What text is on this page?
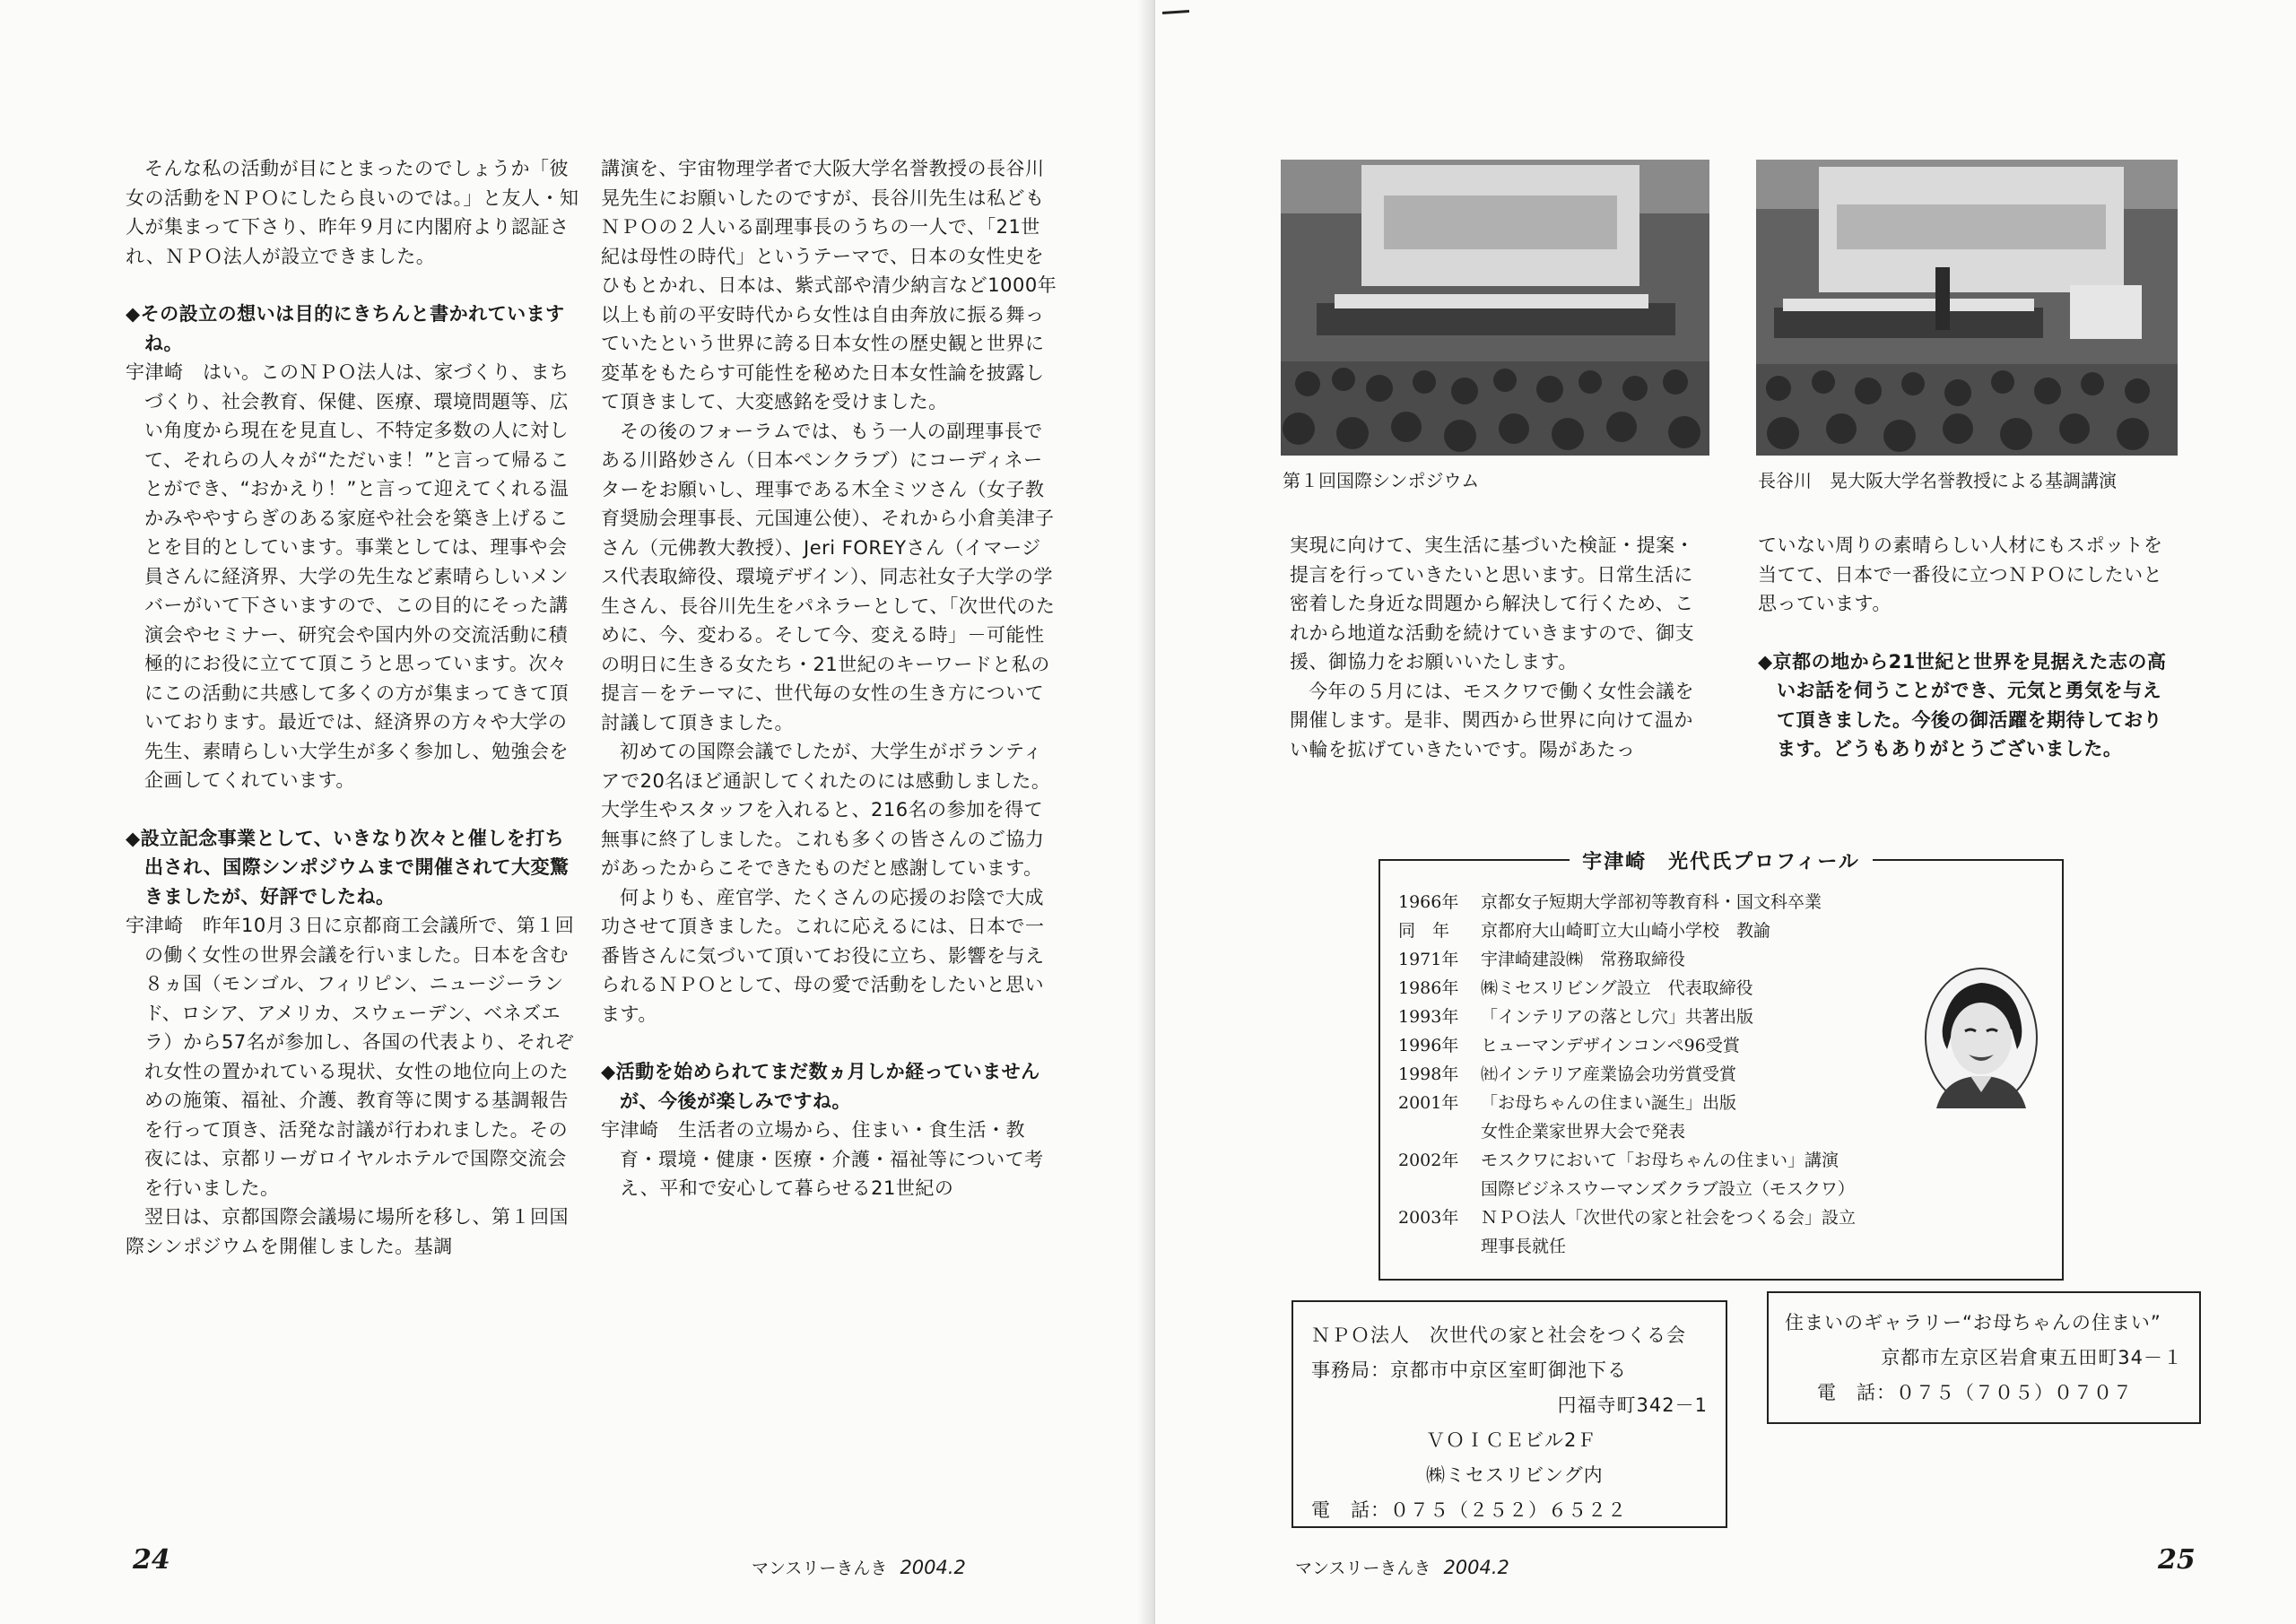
そんな私の活動が目にとまったのでしょうか「彼女の活動をＮＰＯにしたら良いのでは。」と友人・知人が集まって下さり、昨年９月に内閣府より認証され、ＮＰＯ法人が設立できました。

◆その設立の想いは目的にきちんと書かれていますね。

宇津崎　はい。このＮＰＯ法人は、家づくり、まちづくり、社会教育、保健、医療、環境問題等、広い角度から現在を見直し、不特定多数の人に対して、それらの人々が“ただいま！”と言って帰ることができ、“おかえり！”と言って迎えてくれる温かみややすらぎのある家庭や社会を築き上げることを目的としています。事業としては、理事や会員さんに経済界、大学の先生など素晴らしいメンバーがいて下さいますので、この目的にそった講演会やセミナー、研究会や国内外の交流活動に積極的にお役に立てて頂こうと思っています。次々にこの活動に共感して多くの方が集まってきて頂いております。最近では、経済界の方々や大学の先生、素晴らしい大学生が多く参加し、勉強会を企画してくれています。

◆設立記念事業として、いきなり次々と催しを打ち出され、国際シンポジウムまで開催されて大変驚きましたが、好評でしたね。

宇津崎　昨年10月３日に京都商工会議所で、第１回の働く女性の世界会議を行いました。日本を含む８ヵ国（モンゴル、フィリピン、ニュージーランド、ロシア、アメリカ、スウェーデン、ベネズエラ）から57名が参加し、各国の代表より、それぞれ女性の置かれている現状、女性の地位向上のための施策、福祉、介護、教育等に関する基調報告を行って頂き、活発な討議が行われました。その夜には、京都リーガロイヤルホテルで国際交流会を行いました。

翌日は、京都国際会議場に場所を移し、第１回国際シンポジウムを開催しました。基調

講演を、宇宙物理学者で大阪大学名誉教授の長谷川晃先生にお願いしたのですが、長谷川先生は私どもＮＰＯの２人いる副理事長のうちの一人で、「21世紀は母性の時代」というテーマで、日本の女性史をひもとかれ、日本は、紫式部や清少納言など1000年以上も前の平安時代から女性は自由奔放に振る舞っていたという世界に誇る日本女性の歴史観と世界に変革をもたらす可能性を秘めた日本女性論を披露して頂きまして、大変感銘を受けました。

その後のフォーラムでは、もう一人の副理事長である川路妙さん（日本ペンクラブ）にコーディネーターをお願いし、理事である木全ミツさん（女子教育奨励会理事長、元国連公使）、それから小倉美津子さん（元佛教大教授）、Jeri FOREYさん（イマージス代表取締役、環境デザイン）、同志社女子大学の学生さん、長谷川先生をパネラーとして、「次世代のために、今、変わる。そして今、変える時」－可能性の明日に生きる女たち・21世紀のキーワードと私の提言－をテーマに、世代毎の女性の生き方について討議して頂きました。

初めての国際会議でしたが、大学生がボランティアで20名ほど通訳してくれたのには感動しました。大学生やスタッフを入れると、216名の参加を得て無事に終了しました。これも多くの皆さんのご協力があったからこそできたものだと感謝しています。

何よりも、産官学、たくさんの応援のお陰で大成功させて頂きました。これに応えるには、日本で一番皆さんに気づいて頂いてお役に立ち、影響を与えられるＮＰＯとして、母の愛で活動をしたいと思います。

◆活動を始められてまだ数ヵ月しか経っていませんが、今後が楽しみですね。

宇津崎　生活者の立場から、住まい・食生活・教育・環境・健康・医療・介護・福祉等について考え、平和で安心して暮らせる21世紀の

24	マンスリーきんき 2004.2
第１回国際シンポジウム	長谷川　晃大阪大学名誉教授による基調講演

実現に向けて、実生活に基づいた検証・提案・提言を行っていきたいと思います。日常生活に密着した身近な問題から解決して行くため、これから地道な活動を続けていきますので、御支援、御協力をお願いいたします。

今年の５月には、モスクワで働く女性会議を開催します。是非、関西から世界に向けて温かい輪を拡げていきたいです。陽があたっ

ていない周りの素晴らしい人材にもスポットを当てて、日本で一番役に立つＮＰＯにしたいと思っています。

◆京都の地から21世紀と世界を見据えた志の高いお話を伺うことができ、元気と勇気を与えて頂きました。今後の御活躍を期待しております。どうもありがとうございました。

25
マンスリーきんき 2004.2
宇津崎　光代氏プロフィール
1966年	京都女子短期大学部初等教育科・国文科卒業
同　年	京都府大山崎町立大山崎小学校　教諭
1971年	宇津崎建設㈱　常務取締役
1986年	㈱ミセスリビング設立　代表取締役
1993年	「インテリアの落とし穴」共著出版
1996年	ヒューマンデザインコンペ96受賞
1998年	㈳インテリア産業協会功労賞受賞
2001年	「お母ちゃんの住まい誕生」出版
女性企業家世界大会で発表
2002年	モスクワにおいて「お母ちゃんの住まい」講演
国際ビジネスウーマンズクラブ設立（モスクワ）
2003年	ＮＰＯ法人「次世代の家と社会をつくる会」設立
理事長就任
ＮＰＯ法人　次世代の家と社会をつくる会
事務局：京都市中京区室町御池下る
円福寺町342－1
ＶＯＩＣＥビル2Ｆ
㈱ミセスリビング内
電　話：０７５（２５２）６５２２
住まいのギャラリー“お母ちゃんの住まい”
京都市左京区岩倉東五田町34－１
電　話：０７５（７０５）０７０７
